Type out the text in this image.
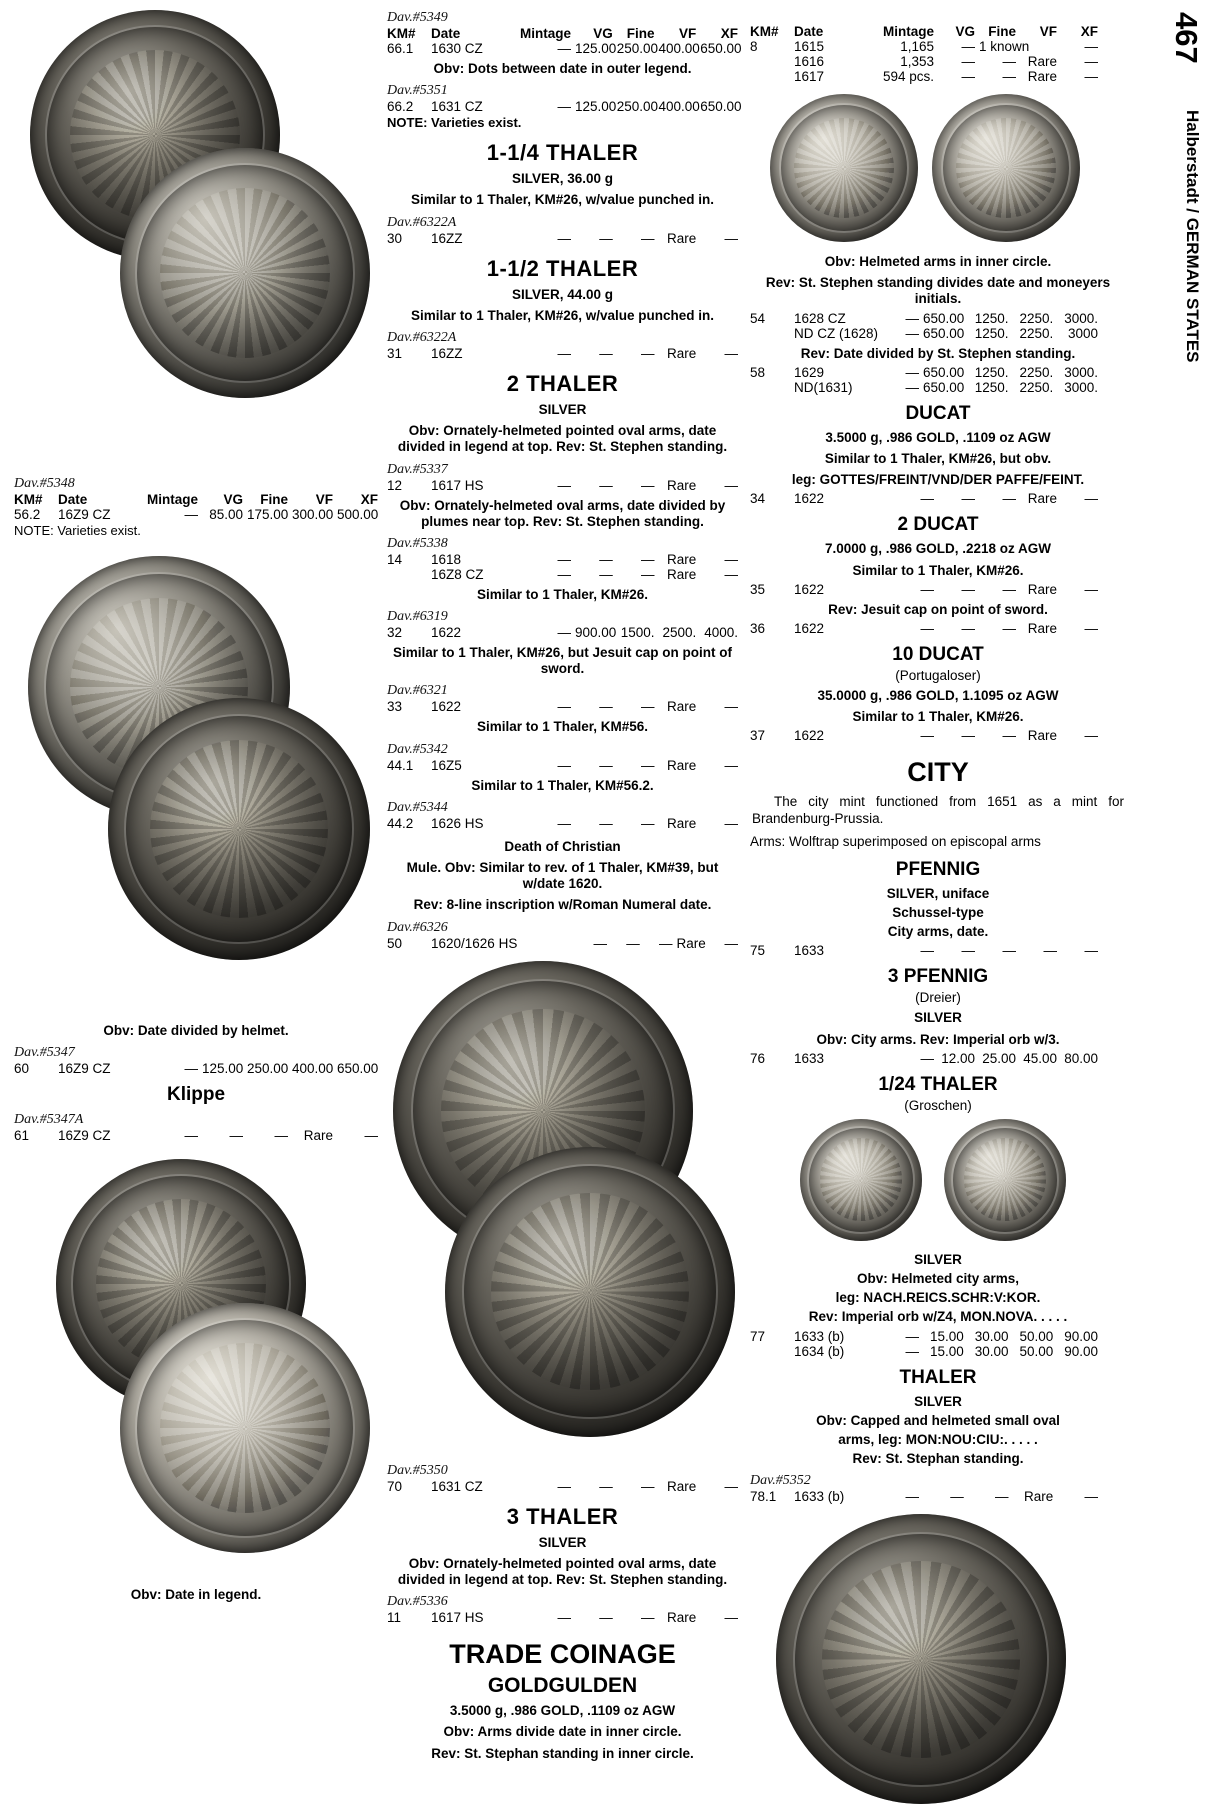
467
Halberstadt / GERMAN STATES
Dav.#5348
KM#	Date	Mintage	VG	Fine	VF	XF
56.2	16Z9 CZ	—	85.00	175.00	300.00	500.00
NOTE: Varieties exist.
Obv: Date divided by helmet.
Dav.#5347
60	16Z9 CZ	—	125.00	250.00	400.00	650.00
Klippe
Dav.#5347A
61	16Z9 CZ	—	—	—	Rare	—
Obv: Date in legend.
Dav.#5349
KM#	Date	Mintage	VG	Fine	VF	XF
66.1	1630 CZ	—	125.00	250.00	400.00	650.00
Obv: Dots between date in outer legend.
Dav.#5351
66.2	1631 CZ	—	125.00	250.00	400.00	650.00
NOTE: Varieties exist.
1-1/4 THALER
SILVER, 36.00 g
Similar to 1 Thaler, KM#26, w/value punched in.
Dav.#6322A
30	16ZZ	—	—	—	Rare	—
1-1/2 THALER
SILVER, 44.00 g
Similar to 1 Thaler, KM#26, w/value punched in.
Dav.#6322A
31	16ZZ	—	—	—	Rare	—
2 THALER
SILVER
Obv: Ornately-helmeted pointed oval arms, date divided in legend at top. Rev: St. Stephen standing.
Dav.#5337
12	1617 HS	—	—	—	Rare	—
Obv: Ornately-helmeted oval arms, date divided by plumes near top. Rev: St. Stephen standing.
Dav.#5338
14	1618	—	—	—	Rare	—
	16Z8 CZ	—	—	—	Rare	—
Similar to 1 Thaler, KM#26.
Dav.#6319
32	1622	—	900.00	1500.	2500.	4000.
Similar to 1 Thaler, KM#26, but Jesuit cap on point of sword.
Dav.#6321
33	1622	—	—	—	Rare	—
Similar to 1 Thaler, KM#56.
Dav.#5342
44.1	16Z5	—	—	—	Rare	—
Similar to 1 Thaler, KM#56.2.
Dav.#5344
44.2	1626 HS	—	—	—	Rare	—
Death of Christian
Mule. Obv: Similar to rev. of 1 Thaler, KM#39, but w/date 1620.
Rev: 8-line inscription w/Roman Numeral date.
Dav.#6326
50	1620/1626 HS	—	—	—	Rare	—
Dav.#5350
70	1631 CZ	—	—	—	Rare	—
3 THALER
SILVER
Obv: Ornately-helmeted pointed oval arms, date divided in legend at top. Rev: St. Stephen standing.
Dav.#5336
11	1617 HS	—	—	—	Rare	—
TRADE COINAGE
GOLDGULDEN
3.5000 g, .986 GOLD, .1109 oz AGW
Obv: Arms divide date in inner circle.
Rev: St. Stephan standing in inner circle.
KM#	Date	Mintage	VG	Fine	VF	XF
8	1615	1,165	—	1 known		—
	1616	1,353	—	—	Rare	—
	1617	594 pcs.	—	—	Rare	—
Obv: Helmeted arms in inner circle.
Rev: St. Stephen standing divides date and moneyers initials.
54	1628 CZ	—	650.00	1250.	2250.	3000.
	ND CZ (1628)	—	650.00	1250.	2250.	3000
Rev: Date divided by St. Stephen standing.
58	1629	—	650.00	1250.	2250.	3000.
	ND(1631)	—	650.00	1250.	2250.	3000.
DUCAT
3.5000 g, .986 GOLD, .1109 oz AGW
Similar to 1 Thaler, KM#26, but obv.
leg: GOTTES/FREINT/VND/DER PAFFE/FEINT.
34	1622	—	—	—	Rare	—
2 DUCAT
7.0000 g, .986 GOLD, .2218 oz AGW
Similar to 1 Thaler, KM#26.
35	1622	—	—	—	Rare	—
Rev: Jesuit cap on point of sword.
36	1622	—	—	—	Rare	—
10 DUCAT
(Portugaloser)
35.0000 g, .986 GOLD, 1.1095 oz AGW
Similar to 1 Thaler, KM#26.
37	1622	—	—	—	Rare	—
CITY
The city mint functioned from 1651 as a mint for Brandenburg-Prussia.
Arms: Wolftrap superimposed on episcopal arms
PFENNIG
SILVER, uniface
Schussel-type
City arms, date.
75	1633	—	—	—	—	—
3 PFENNIG
(Dreier)
SILVER
Obv: City arms. Rev: Imperial orb w/3.
76	1633	—	12.00	25.00	45.00	80.00
1/24 THALER
(Groschen)
SILVER
Obv: Helmeted city arms,
leg: NACH.REICS.SCHR:V:KOR.
Rev: Imperial orb w/Z4, MON.NOVA. . . . .
77	1633 (b)	—	15.00	30.00	50.00	90.00
	1634 (b)	—	15.00	30.00	50.00	90.00
THALER
SILVER
Obv: Capped and helmeted small oval
arms, leg: MON:NOU:CIU:. . . . .
Rev: St. Stephan standing.
Dav.#5352
78.1	1633 (b)	—	—	—	Rare	—
